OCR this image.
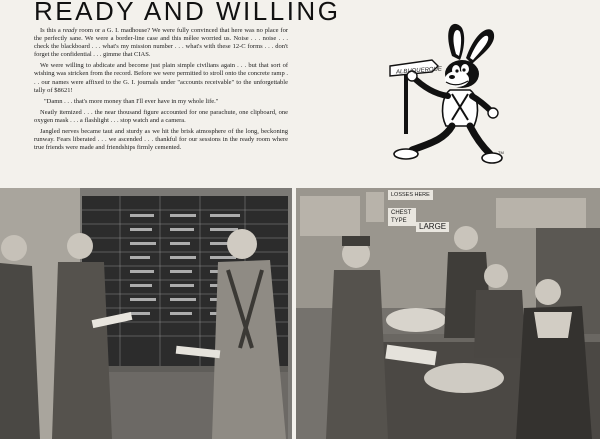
READY AND WILLING

Is this a ready room or a G. I. madhouse? We were fully convinced that here was no place for the perfectly sane. We were a border-line case and this mêlee worried us. Noise . . . noise . . . check the blackboard . . . what's my mission number . . . what's with these 12-C forms . . . don't forget the confidential . . . gimme that CIAS.

We were willing to abdicate and become just plain simple civilians again . . . but that sort of wishing was stricken from the record. Before we were permitted to stroll onto the concrete ramp . . . our names were affixed to the G. I. journals under "accounts receivable" to the unforgettable tally of $8621!

"Damn . . . that's more money than I'll ever have in my whole life."

Neatly itemized . . . the near thousand figure accounted for one parachute, one clipboard, one oxygen mask . . . a flashlight . . . stop watch and a camera.

Jangled nerves became taut and sturdy as we hit the brisk atmosphere of the long, beckoning runway. Fears liberated . . . we ascended . . . thankful for our sessions in the ready room where true friends were made and friendships firmly cemented.

ALBUQUERQUE
TM
LOSSES HERE
CHEST TYPE
LARGE
